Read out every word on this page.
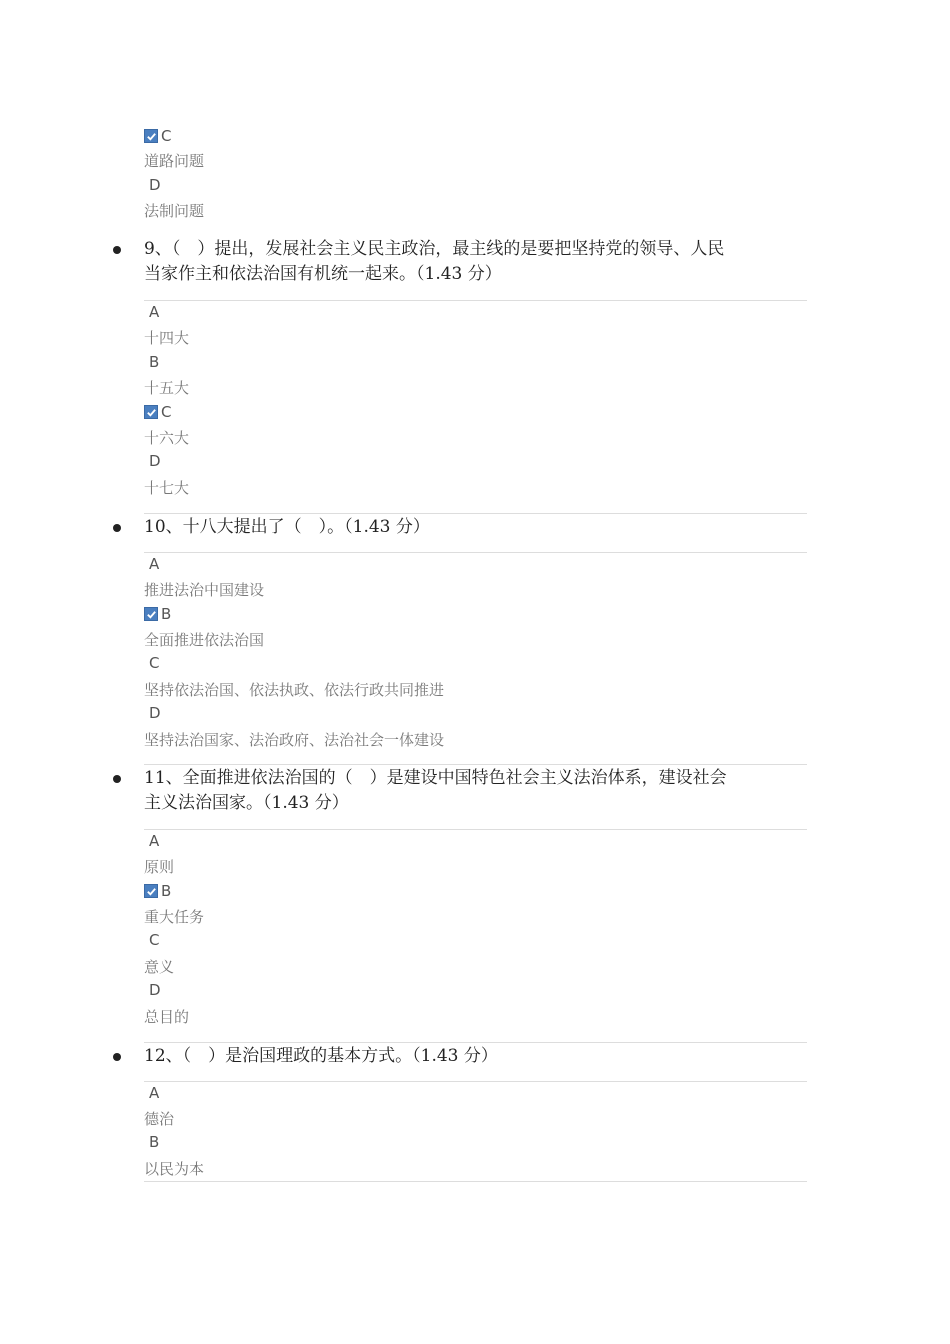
C
道路问题
D
法制问题
9、（　）提出，发展社会主义民主政治，最主线的是要把坚持党的领导、人民
当家作主和依法治国有机统一起来。（1.43 分）
A
十四大
B
十五大
C
十六大
D
十七大
10、十八大提出了（　）。（1.43 分）
A
推进法治中国建设
B
全面推进依法治国
C
坚持依法治国、依法执政、依法行政共同推进
D
坚持法治国家、法治政府、法治社会一体建设
11、全面推进依法治国的（　）是建设中国特色社会主义法治体系，建设社会
主义法治国家。（1.43 分）
A
原则
B
重大任务
C
意义
D
总目的
12、（　）是治国理政的基本方式。（1.43 分）
A
德治
B
以民为本
